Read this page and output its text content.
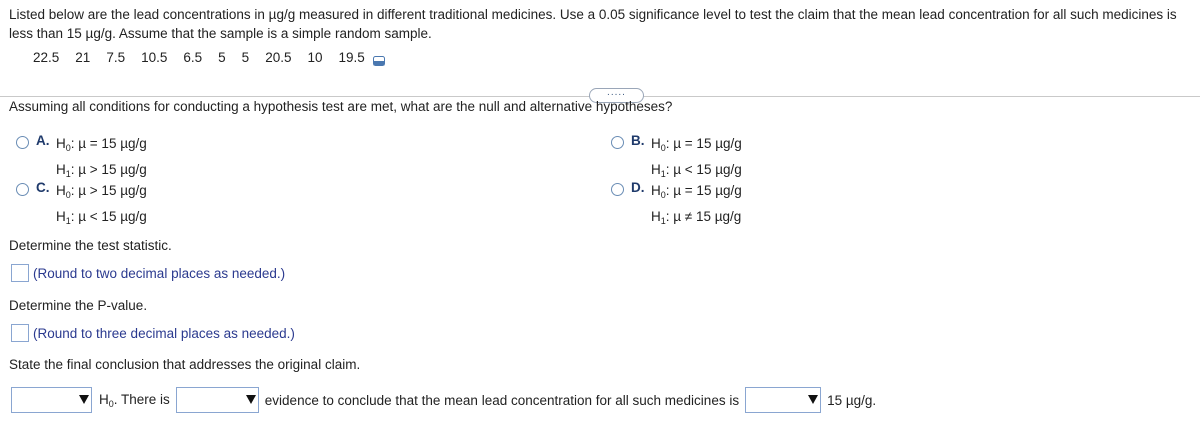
Listed below are the lead concentrations in µg/g measured in different traditional medicines. Use a 0.05 significance level to test the claim that the mean lead concentration for all such medicines is less than 15 µg/g. Assume that the sample is a simple random sample.
22.5 21 7.5 10.5 6.5 5 5 20.5 10 19.5
.....
Assuming all conditions for conducting a hypothesis test are met, what are the null and alternative hypotheses?
A. $H_0$: µ = 15 µg/g
$H_1$: µ > 15 µg/g
B. $H_0$: µ = 15 µg/g
$H_1$: µ < 15 µg/g
C. $H_0$: µ > 15 µg/g
$H_1$: µ < 15 µg/g
D. $H_0$: µ = 15 µg/g
$H_1$: µ ≠ 15 µg/g
Determine the test statistic.
(Round to two decimal places as needed.)
Determine the P-value.
(Round to three decimal places as needed.)
State the final conclusion that addresses the original claim.
$H_0$. There is	evidence to conclude that the mean lead concentration for all such medicines is	15 µg/g.
